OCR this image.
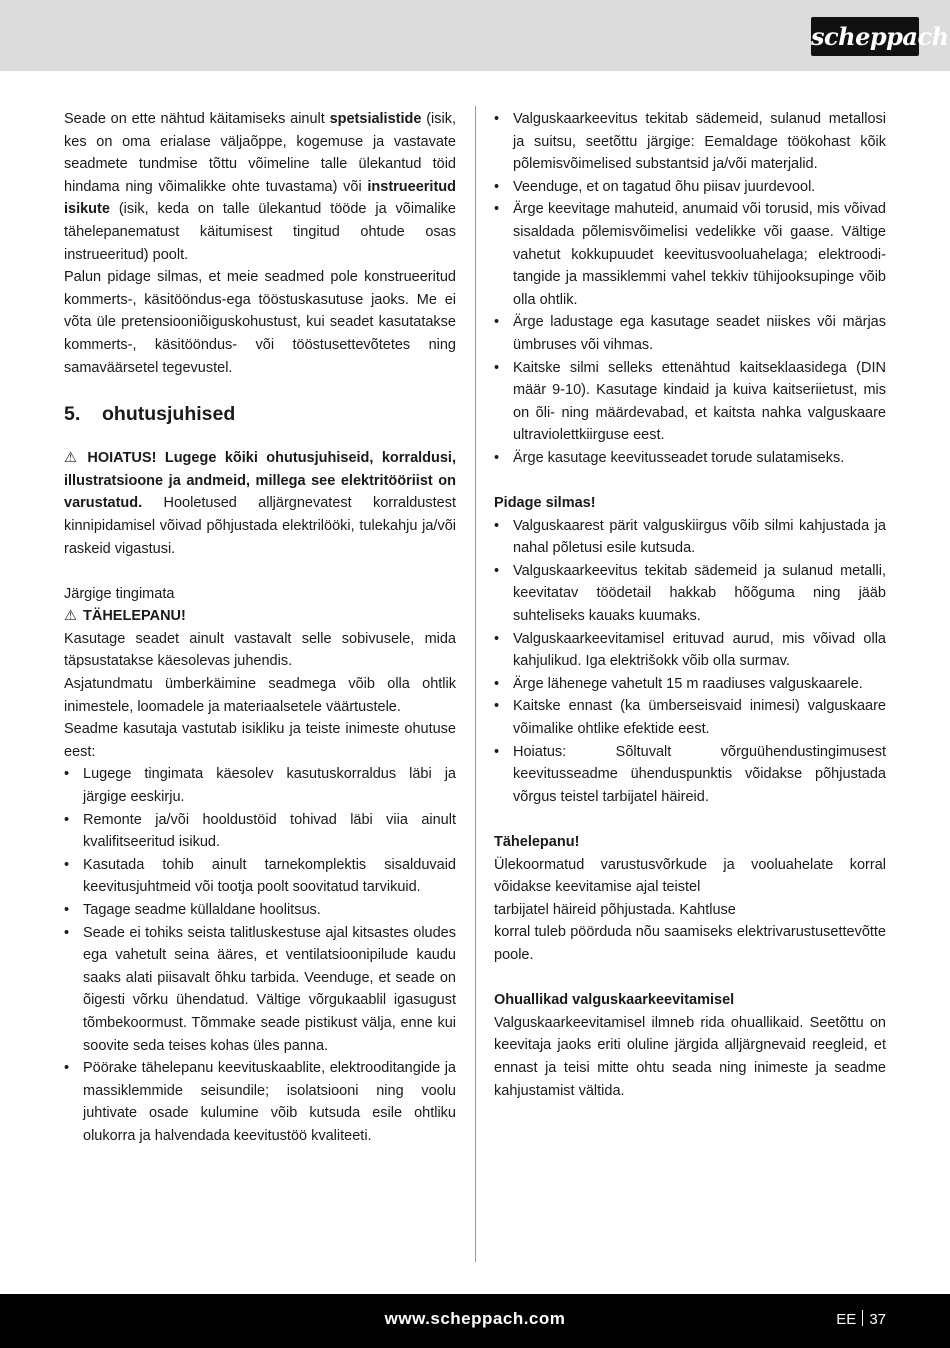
scheppach

Seade on ette nähtud käitamiseks ainult spetsialistide (isik, kes on oma erialase väljaõppe, kogemuse ja vastavate seadmete tundmise tõttu võimeline talle ülekantud töid hindama ning võimalikke ohte tuvastama) või instrueeritud isikute (isik, keda on talle ülekantud tööde ja võimalike tähelepanematust käitumisest tingitud ohtude osas instrueeritud) poolt.

Palun pidage silmas, et meie seadmed pole konstrueeritud kommerts-, käsitööndus-ega tööstuskasutuse jaoks. Me ei võta üle pretensiooniõiguskohustust, kui seadet kasutatakse kommerts-, käsitööndus- või tööstusettevõtetes ning samaväärsetel tegevustel.

5. ohutusjuhised

⚠ HOIATUS! Lugege kõiki ohutusjuhiseid, korraldusi, illustratsioone ja andmeid, millega see elektritööriist on varustatud. Hooletused alljärgnevatest korraldustest kinnipidamisel võivad põhjustada elektrilööki, tulekahju ja/või raskeid vigastusi.

Järgige tingimata

⚠ TÄHELEPANU!

Kasutage seadet ainult vastavalt selle sobivusele, mida täpsustatakse käesolevas juhendis.

Asjatundmatu ümberkäimine seadmega võib olla ohtlik inimestele, loomadele ja materiaalsetele väärtustele.

Seadme kasutaja vastutab isikliku ja teiste inimeste ohutuse eest:

• Lugege tingimata käesolev kasutuskorraldus läbi ja järgige eeskirju.
• Remonte ja/või hooldustöid tohivad läbi viia ainult kvalifitseeritud isikud.
• Kasutada tohib ainult tarnekomplektis sisalduvaid keevitusjuhtmeid või tootja poolt soovitatud tarvikuid.
• Tagage seadme küllaldane hoolitsus.
• Seade ei tohiks seista talitluskestuse ajal kitsastes oludes ega vahetult seina ääres, et ventilatsioonipilude kaudu saaks alati piisavalt õhku tarbida. Veenduge, et seade on õigesti võrku ühendatud. Vältige võrgukaablil igasugust tõmbekoormust. Tõmmake seade pistikust välja, enne kui soovite seda teises kohas üles panna.
• Pöörake tähelepanu keevituskaablite, elektrooditangide ja massiklemmide seisundile; isolatsiooni ning voolu juhtivate osade kulumine võib kutsuda esile ohtliku olukorra ja halvendada keevitustöö kvaliteeti.
• Valguskaarkeevitus tekitab sädemeid, sulanud metallosi ja suitsu, seetõttu järgige: Eemaldage töökohast kõik põlemisvõimelised substantsid ja/või materjalid.
• Veenduge, et on tagatud õhu piisav juurdevool.
• Ärge keevitage mahuteid, anumaid või torusid, mis võivad sisaldada põlemisvõimelisi vedelikke või gaase. Vältige vahetut kokkupuudet keevitusvooluahelaga; elektrooditangide ja massiklemmi vahel tekkiv tühijooksupinge võib olla ohtlik.
• Ärge ladustage ega kasutage seadet niiskes või märjas ümbruses või vihmas.
• Kaitske silmi selleks ettenähtud kaitseklaasidega (DIN määr 9-10). Kasutage kindaid ja kuiva kaitseriietust, mis on õli- ning määrdevabad, et kaitsta nahka valguskaare ultraviolettkiirguse eest.
• Ärge kasutage keevitusseadet torude sulatamiseks.

Pidage silmas!

• Valguskaarest pärit valguskiirgus võib silmi kahjustada ja nahal põletusi esile kutsuda.
• Valguskaarkeevitus tekitab sädemeid ja sulanud metalli, keevitatav töödetail hakkab hõõguma ning jääb suhteliseks kauaks kuumaks.
• Valguskaarkeevitamisel erituvad aurud, mis võivad olla kahjulikud. Iga elektrišokk võib olla surmav.
• Ärge lähenege vahetult 15 m raadiuses valguskaarele.
• Kaitske ennast (ka ümberseisvaid inimesi) valguskaare võimalike ohtlike efektide eest.
• Hoiatus: Sõltuvalt võrguühendustingimusest keevitusseadme ühenduspunktis võidakse põhjustada võrgus teistel tarbijatel häireid.

Tähelepanu!

Ülekoormatud varustusvõrkude ja vooluahelate korral võidakse keevitamise ajal teistel

tarbijatel häireid põhjustada. Kahtluse

korral tuleb pöörduda nõu saamiseks elektrivarustusettevõtte poole.

Ohuallikad valguskaarkeevitamisel

Valguskaarkeevitamisel ilmneb rida ohuallikaid. Seetõttu on keevitaja jaoks eriti oluline järgida alljärgnevaid reegleid, et ennast ja teisi mitte ohtu seada ning inimeste ja seadme kahjustamist vältida.

www.scheppach.com	EE 37
